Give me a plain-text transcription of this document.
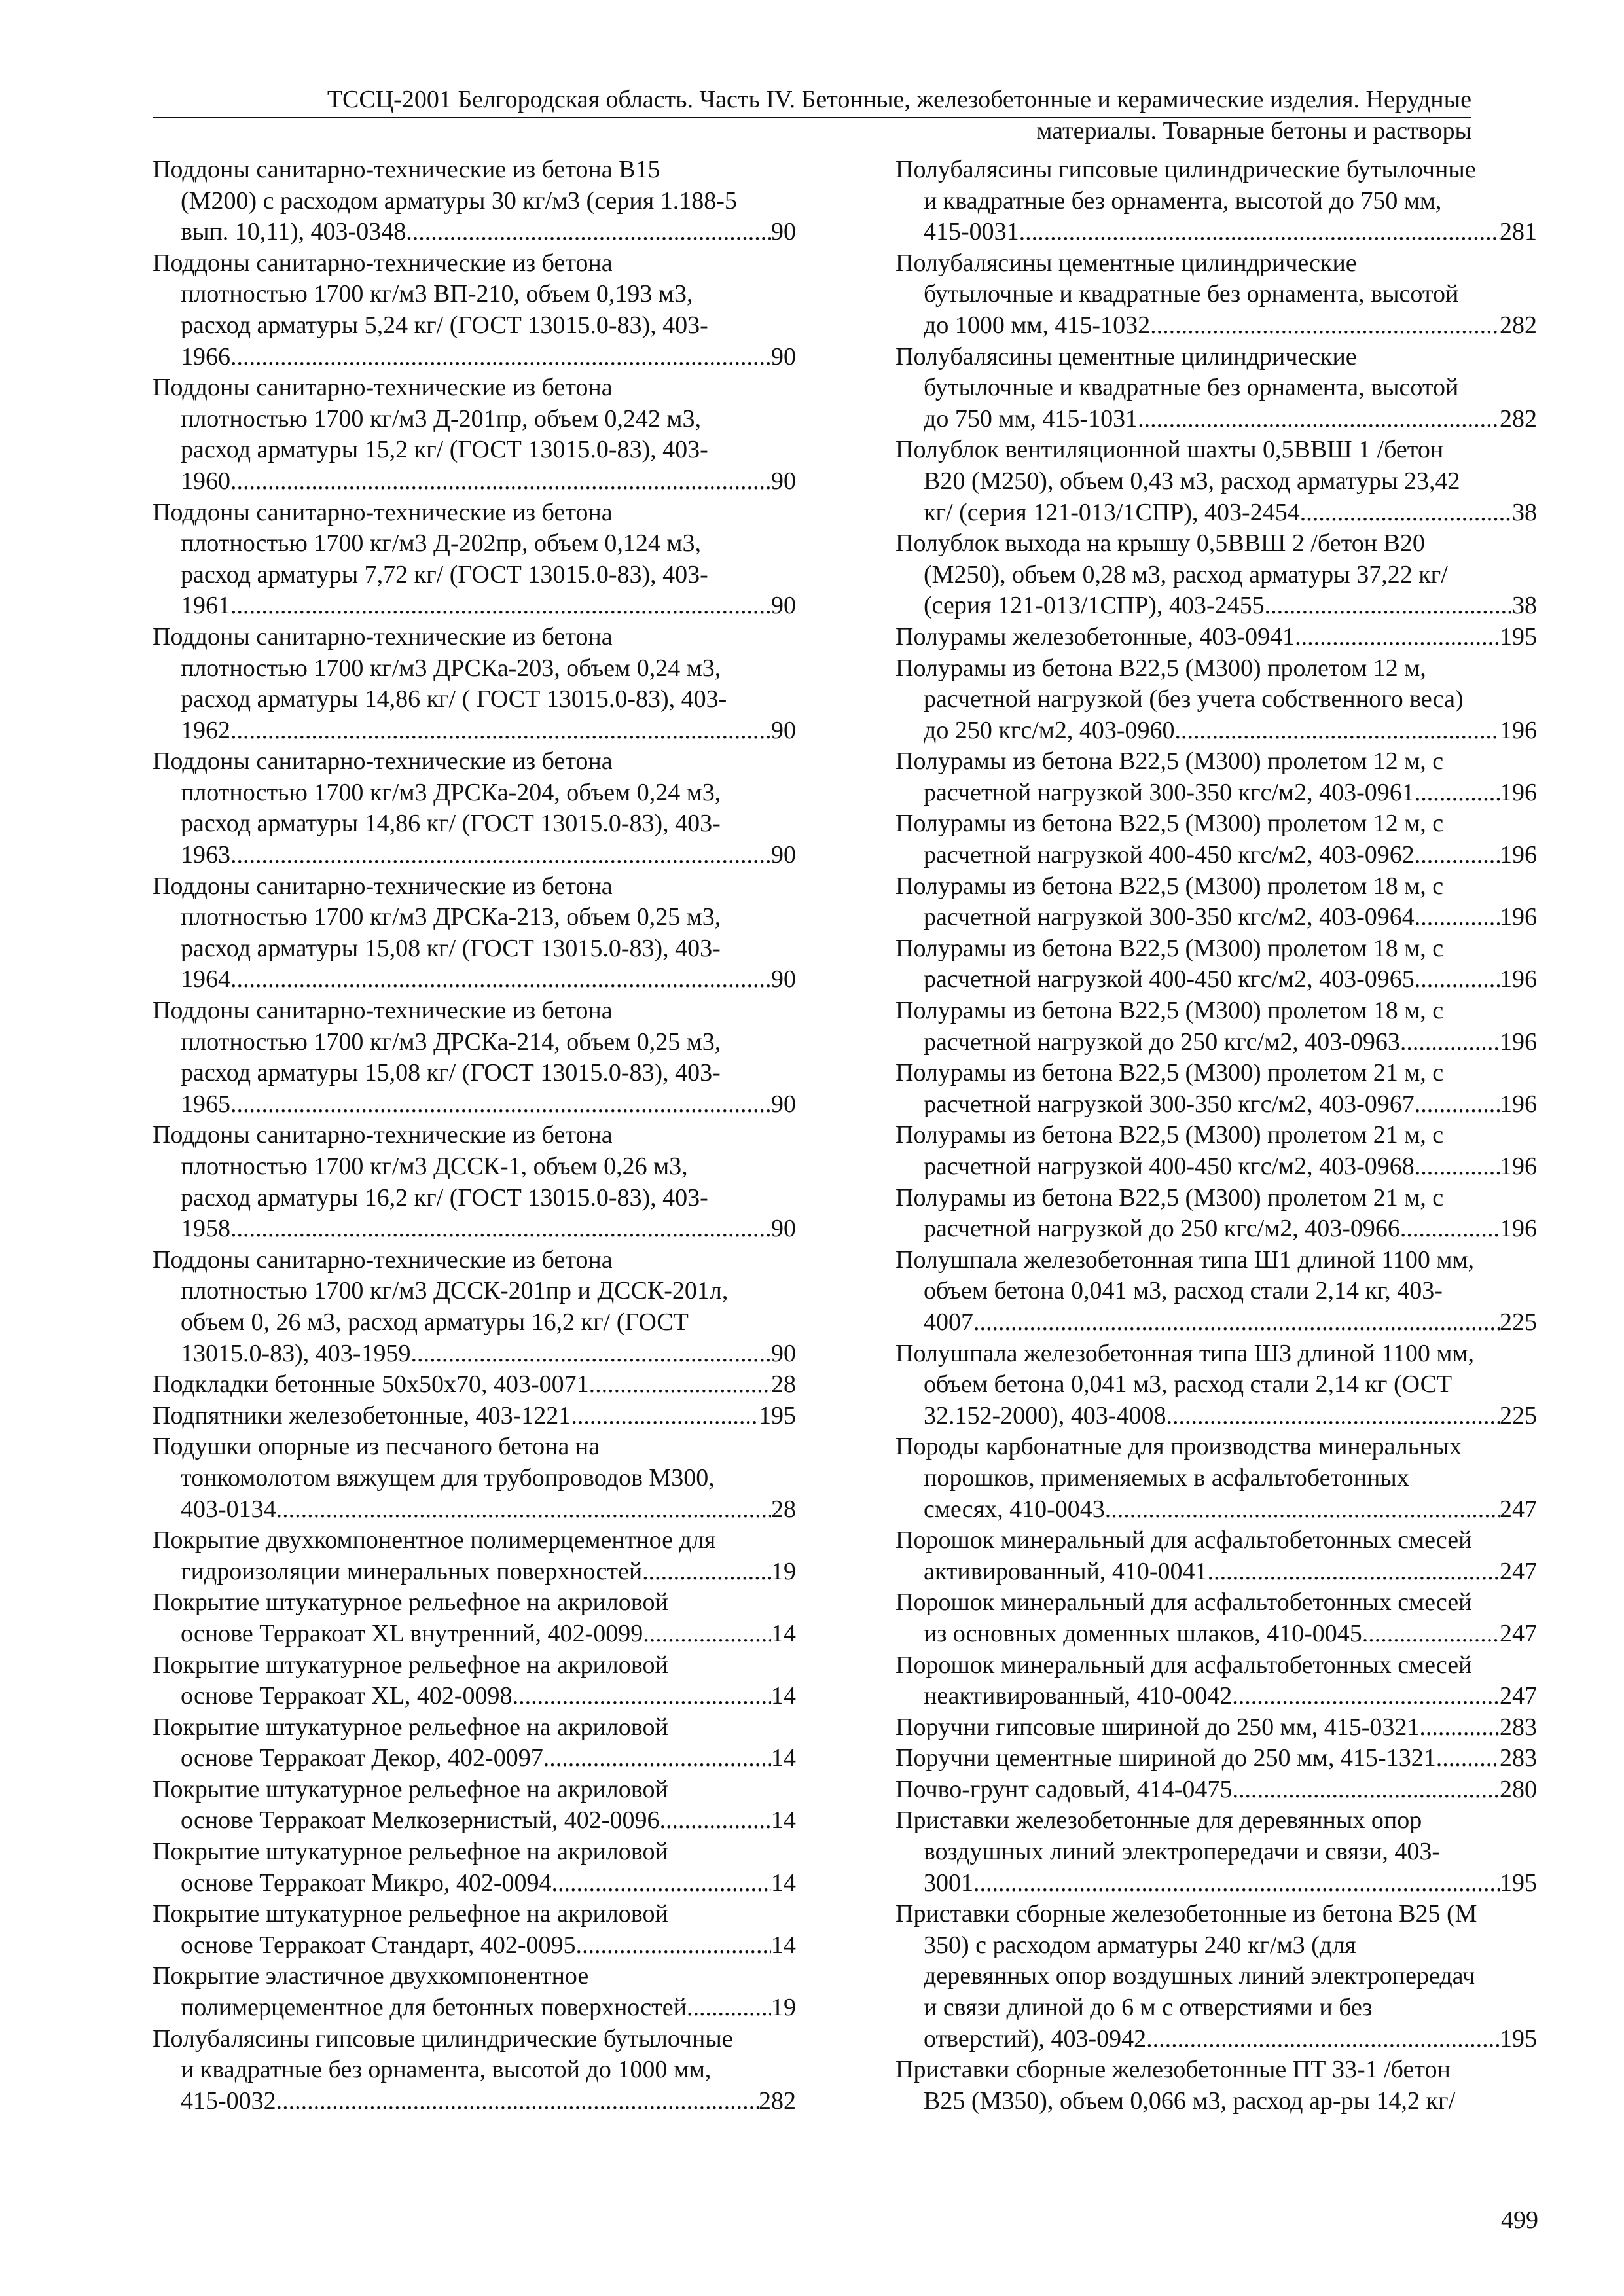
ТССЦ-2001 Белгородская область. Часть IV. Бетонные, железобетонные и керамические изделия. Нерудные
материалы. Товарные бетоны и растворы
Поддоны санитарно-технические из бетона В15
(М200) с расходом арматуры 30 кг/м3 (серия 1.188-5
вып. 10,11), 403-0348 .....	90
Поддоны санитарно-технические из бетона
плотностью 1700 кг/м3 ВП-210, объем 0,193 м3,
расход арматуры 5,24 кг/ (ГОСТ 13015.0-83), 403-
1966 .....	90
Поддоны санитарно-технические из бетона
плотностью 1700 кг/м3 Д-201пр, объем 0,242 м3,
расход арматуры 15,2 кг/ (ГОСТ 13015.0-83), 403-
1960 .....	90
Поддоны санитарно-технические из бетона
плотностью 1700 кг/м3 Д-202пр, объем 0,124 м3,
расход арматуры 7,72 кг/ (ГОСТ 13015.0-83), 403-
1961 .....	90
Поддоны санитарно-технические из бетона
плотностью 1700 кг/м3 ДРСКа-203, объем 0,24 м3,
расход арматуры 14,86 кг/ ( ГОСТ 13015.0-83), 403-
1962 .....	90
Поддоны санитарно-технические из бетона
плотностью 1700 кг/м3 ДРСКа-204, объем 0,24 м3,
расход арматуры 14,86 кг/ (ГОСТ 13015.0-83), 403-
1963 .....	90
Поддоны санитарно-технические из бетона
плотностью 1700 кг/м3 ДРСКа-213, объем 0,25 м3,
расход арматуры 15,08 кг/ (ГОСТ 13015.0-83), 403-
1964 .....	90
Поддоны санитарно-технические из бетона
плотностью 1700 кг/м3 ДРСКа-214, объем 0,25 м3,
расход арматуры 15,08 кг/ (ГОСТ 13015.0-83), 403-
1965 .....	90
Поддоны санитарно-технические из бетона
плотностью 1700 кг/м3 ДССК-1, объем 0,26 м3,
расход арматуры 16,2 кг/ (ГОСТ 13015.0-83), 403-
1958 .....	90
Поддоны санитарно-технические из бетона
плотностью 1700 кг/м3 ДССК-201пр и ДССК-201л,
объем 0, 26 м3, расход арматуры 16,2 кг/ (ГОСТ
13015.0-83), 403-1959 .....	90
Подкладки бетонные 50х50х70, 403-0071 .....	28
Подпятники железобетонные, 403-1221 .....	195
Подушки опорные из песчаного бетона на
тонкомолотом вяжущем для трубопроводов М300,
403-0134 .....	28
Покрытие двухкомпонентное полимерцементное для
гидроизоляции минеральных поверхностей .....	19
Покрытие штукатурное рельефное на акриловой
основе Терракоат XL внутренний, 402-0099 .....	14
Покрытие штукатурное рельефное на акриловой
основе Терракоат XL, 402-0098 .....	14
Покрытие штукатурное рельефное на акриловой
основе Терракоат Декор, 402-0097 .....	14
Покрытие штукатурное рельефное на акриловой
основе Терракоат Мелкозернистый, 402-0096 .....	14
Покрытие штукатурное рельефное на акриловой
основе Терракоат Микро, 402-0094 .....	14
Покрытие штукатурное рельефное на акриловой
основе Терракоат Стандарт, 402-0095 .....	14
Покрытие эластичное двухкомпонентное
полимерцементное для бетонных поверхностей .....	19
Полубалясины гипсовые цилиндрические бутылочные
и квадратные без орнамента, высотой до 1000 мм,
415-0032 .....	282
Полубалясины гипсовые цилиндрические бутылочные
и квадратные без орнамента, высотой до 750 мм,
415-0031 .....	281
Полубалясины цементные цилиндрические
бутылочные и квадратные без орнамента, высотой
до 1000 мм, 415-1032 .....	282
Полубалясины цементные цилиндрические
бутылочные и квадратные без орнамента, высотой
до 750 мм, 415-1031 .....	282
Полублок вентиляционной шахты 0,5ВВШ 1 /бетон
В20 (М250), объем 0,43 м3, расход арматуры 23,42
кг/ (серия 121-013/1СПР), 403-2454 .....	38
Полублок выхода на крышу 0,5ВВШ 2 /бетон В20
(М250), объем 0,28 м3, расход арматуры 37,22 кг/
(серия 121-013/1СПР), 403-2455 .....	38
Полурамы железобетонные, 403-0941 .....	195
Полурамы из бетона В22,5 (М300) пролетом 12 м,
расчетной нагрузкой (без учета собственного веса)
до 250 кгс/м2, 403-0960 .....	196
Полурамы из бетона В22,5 (М300) пролетом 12 м, с
расчетной нагрузкой 300-350 кгс/м2, 403-0961 .....	196
Полурамы из бетона В22,5 (М300) пролетом 12 м, с
расчетной нагрузкой 400-450 кгс/м2, 403-0962 .....	196
Полурамы из бетона В22,5 (М300) пролетом 18 м, с
расчетной нагрузкой 300-350 кгс/м2, 403-0964 .....	196
Полурамы из бетона В22,5 (М300) пролетом 18 м, с
расчетной нагрузкой 400-450 кгс/м2, 403-0965 .....	196
Полурамы из бетона В22,5 (М300) пролетом 18 м, с
расчетной нагрузкой до 250 кгс/м2, 403-0963 .....	196
Полурамы из бетона В22,5 (М300) пролетом 21 м, с
расчетной нагрузкой 300-350 кгс/м2, 403-0967 .....	196
Полурамы из бетона В22,5 (М300) пролетом 21 м, с
расчетной нагрузкой 400-450 кгс/м2, 403-0968 .....	196
Полурамы из бетона В22,5 (М300) пролетом 21 м, с
расчетной нагрузкой до 250 кгс/м2, 403-0966 .....	196
Полушпала железобетонная типа Ш1 длиной 1100 мм,
объем бетона 0,041 м3, расход стали 2,14 кг, 403-
4007 .....	225
Полушпала железобетонная типа Ш3 длиной 1100 мм,
объем бетона 0,041 м3, расход стали 2,14 кг (ОСТ
32.152-2000), 403-4008 .....	225
Породы карбонатные для производства минеральных
порошков, применяемых в асфальтобетонных
смесях, 410-0043 .....	247
Порошок минеральный для асфальтобетонных смесей
активированный, 410-0041 .....	247
Порошок минеральный для асфальтобетонных смесей
из основных доменных шлаков, 410-0045 .....	247
Порошок минеральный для асфальтобетонных смесей
неактивированный, 410-0042 .....	247
Поручни гипсовые шириной до 250 мм, 415-0321 .....	283
Поручни цементные шириной до 250 мм, 415-1321 .....	283
Почво-грунт садовый, 414-0475 .....	280
Приставки железобетонные для деревянных опор
воздушных линий электропередачи и связи, 403-
3001 .....	195
Приставки сборные железобетонные из бетона В25 (М
350) с расходом арматуры 240 кг/м3 (для
деревянных опор воздушных линий электропередач
и связи длиной до 6 м с отверстиями и без
отверстий), 403-0942 .....	195
Приставки сборные железобетонные ПТ 33-1 /бетон
В25 (М350), объем 0,066 м3, расход ар-ры 14,2 кг/
499
